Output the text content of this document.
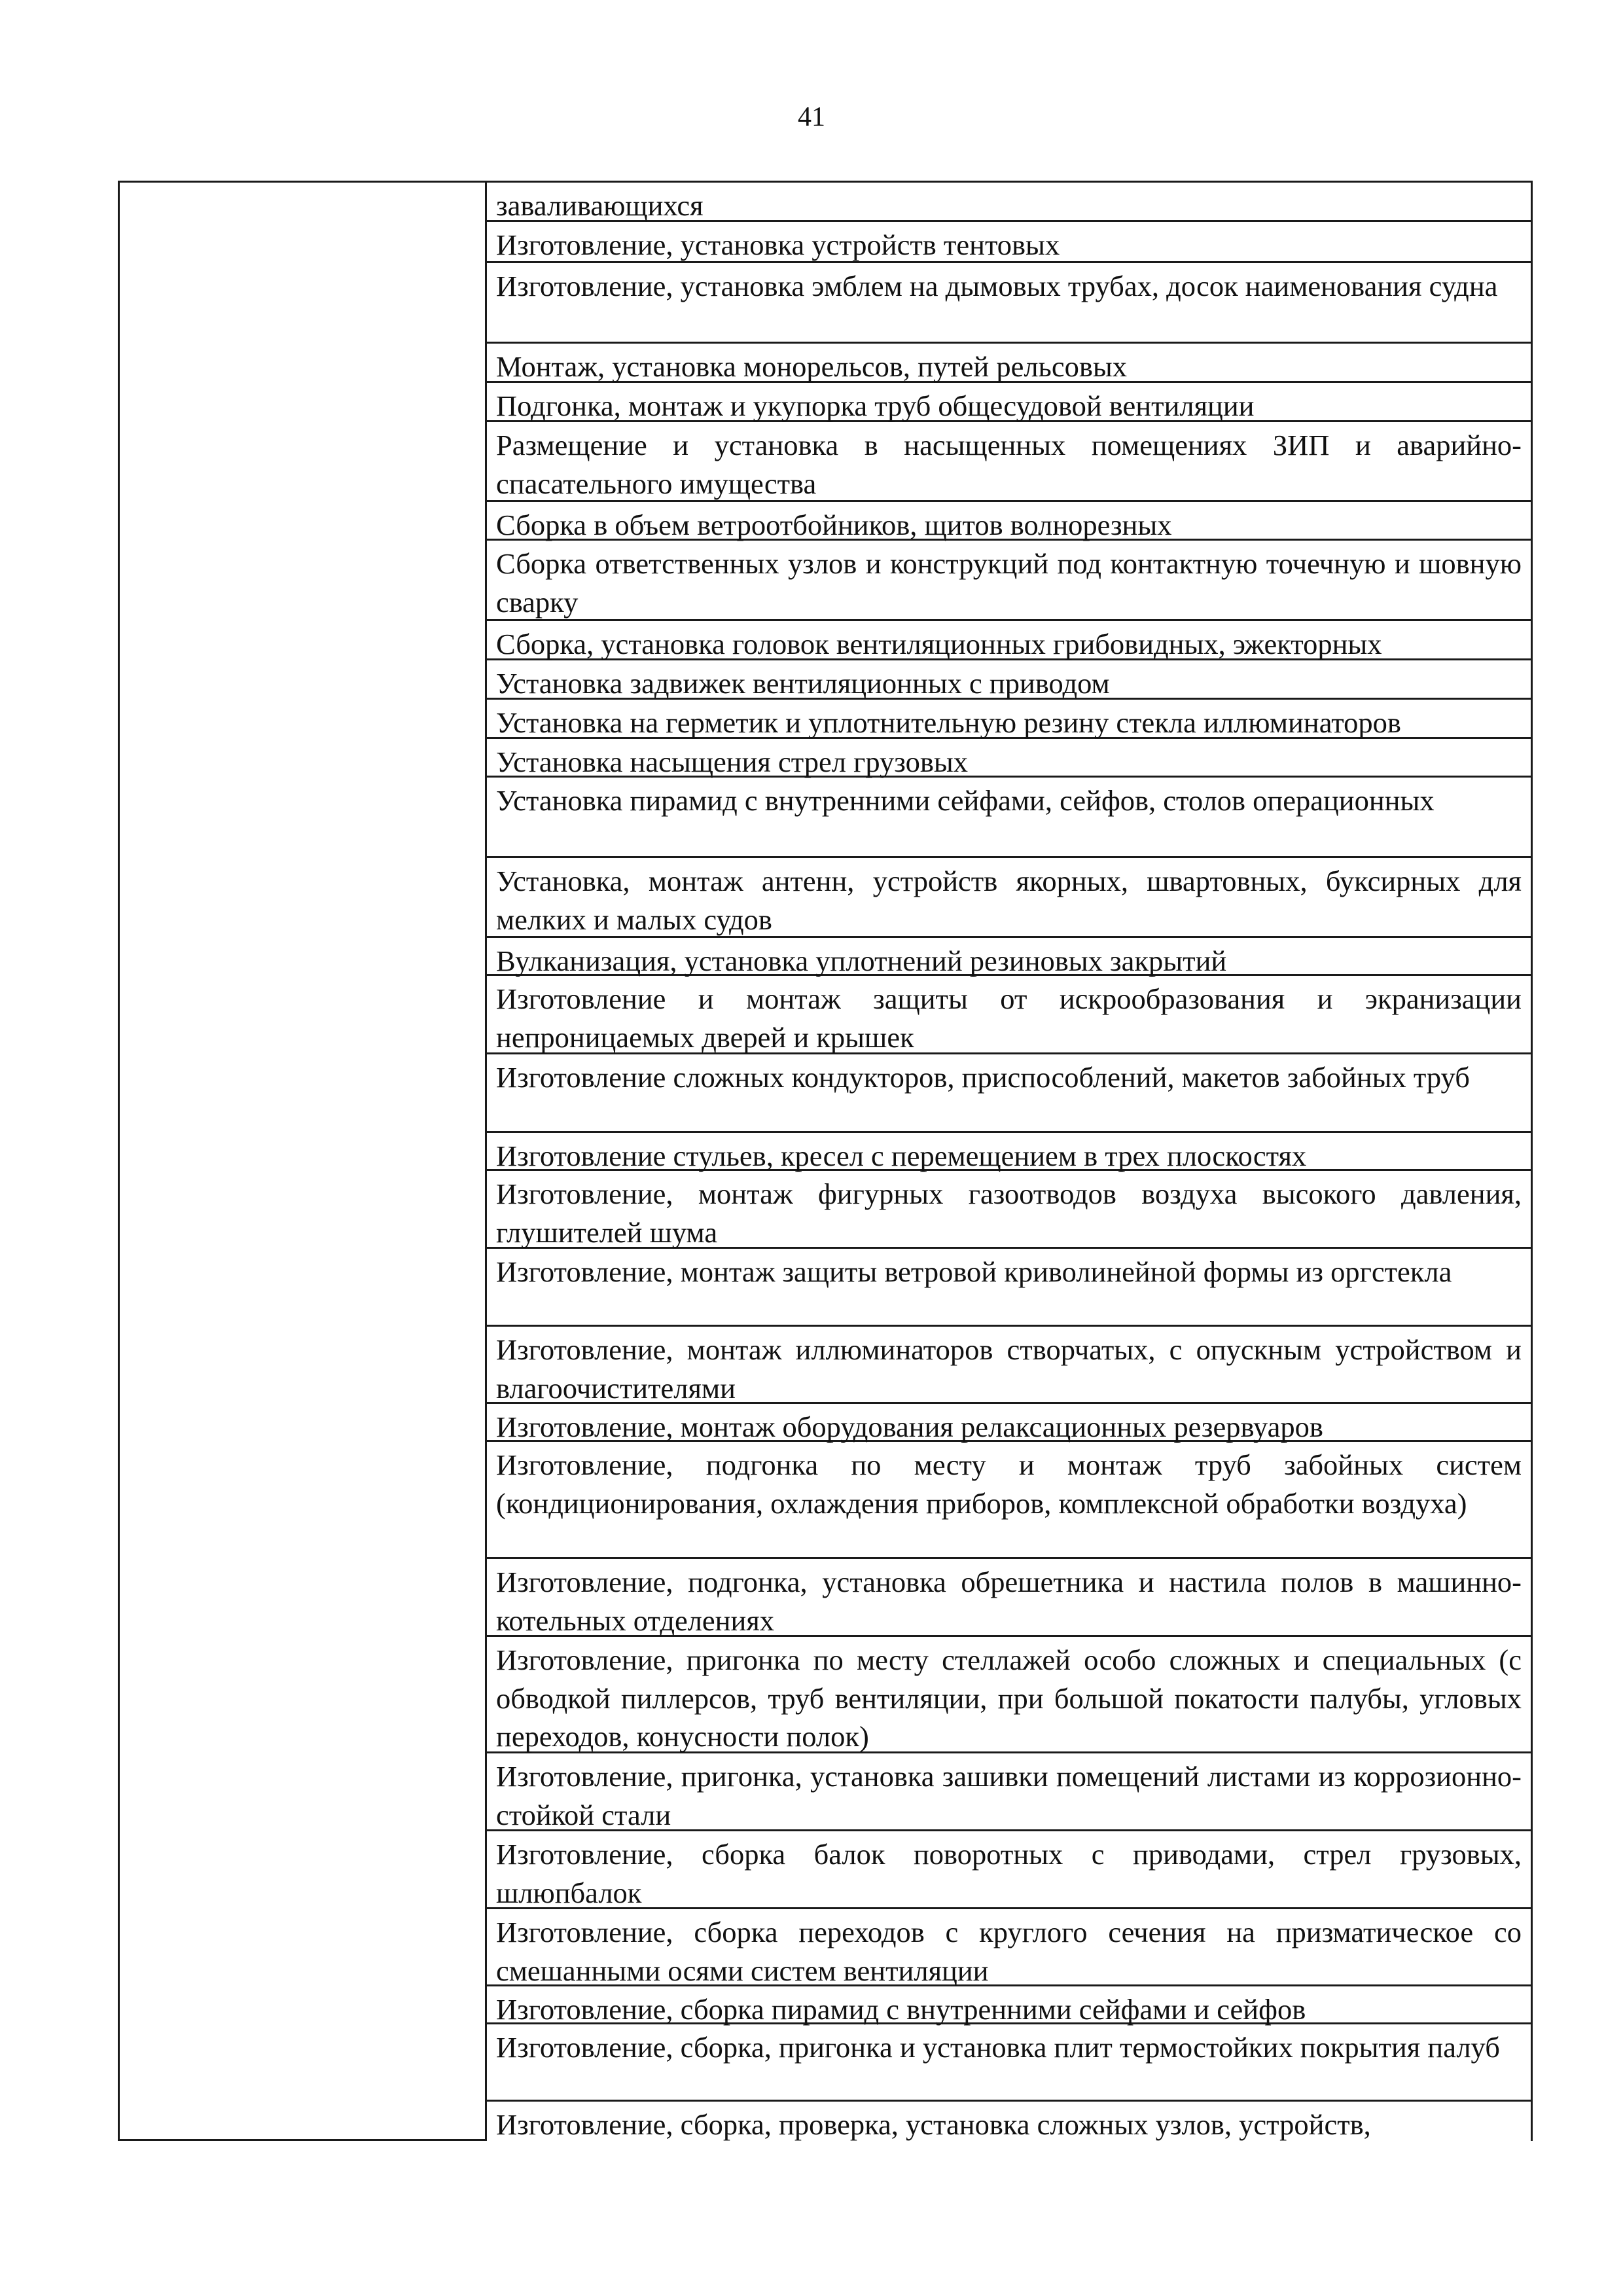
41
заваливающихся
Изготовление, установка устройств тентовых
Изготовление, установка эмблем на дымовых трубах, досок наименования судна
Монтаж, установка монорельсов, путей рельсовых
Подгонка, монтаж и укупорка труб общесудовой вентиляции
Размещение и установка в насыщенных помещениях ЗИП и аварийно-спасательного имущества
Сборка в объем ветроотбойников, щитов волнорезных
Сборка ответственных узлов и конструкций под контактную точечную и шовную сварку
Сборка, установка головок вентиляционных грибовидных, эжекторных
Установка задвижек вентиляционных с приводом
Установка на герметик и уплотнительную резину стекла иллюминаторов
Установка насыщения стрел грузовых
Установка пирамид с внутренними сейфами, сейфов, столов операционных
Установка, монтаж антенн, устройств якорных, швартовных, буксирных для мелких и малых судов
Вулканизация, установка уплотнений резиновых закрытий
Изготовление и монтаж защиты от искрообразования и экранизации непроницаемых дверей и крышек
Изготовление сложных кондукторов, приспособлений, макетов забойных труб
Изготовление стульев, кресел с перемещением в трех плоскостях
Изготовление, монтаж фигурных газоотводов воздуха высокого давления, глушителей шума
Изготовление, монтаж защиты ветровой криволинейной формы из оргстекла
Изготовление, монтаж иллюминаторов створчатых, с опускным устройством и влагоочистителями
Изготовление, монтаж оборудования релаксационных резервуаров
Изготовление, подгонка по месту и монтаж труб забойных систем (кондиционирования, охлаждения приборов, комплексной обработки воздуха)
Изготовление, подгонка, установка обрешетника и настила полов в машинно-котельных отделениях
Изготовление, пригонка по месту стеллажей особо сложных и специальных (с обводкой пиллерсов, труб вентиляции, при большой покатости палубы, угловых переходов, конусности полок)
Изготовление, пригонка, установка зашивки помещений листами из коррозионно-стойкой стали
Изготовление, сборка балок поворотных с приводами, стрел грузовых, шлюпбалок
Изготовление, сборка переходов с круглого сечения на призматическое со смешанными осями систем вентиляции
Изготовление, сборка пирамид с внутренними сейфами и сейфов
Изготовление, сборка, пригонка и установка плит термостойких покрытия палуб
Изготовление, сборка, проверка, установка сложных узлов, устройств,
